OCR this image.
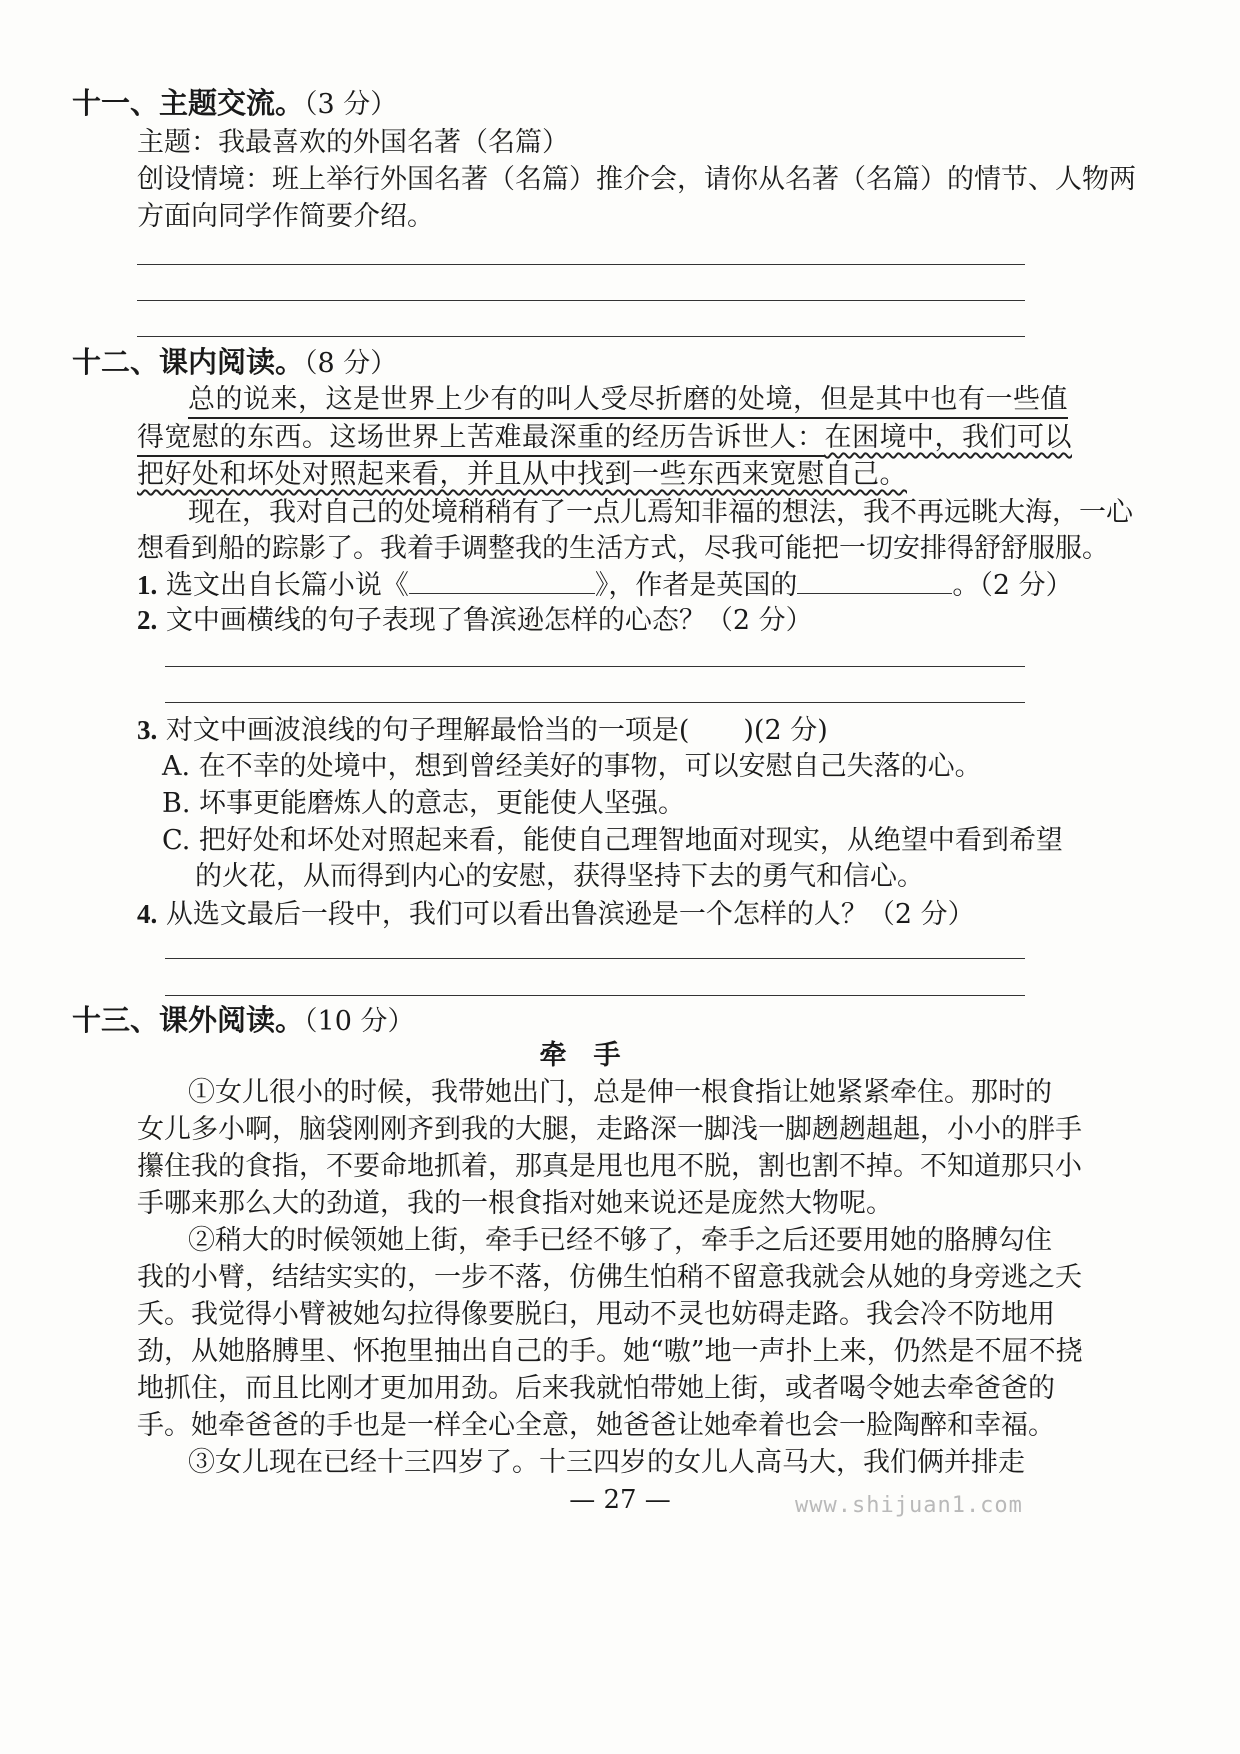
十一、主题交流。（3 分）
主题：我最喜欢的外国名著（名篇）
创设情境：班上举行外国名著（名篇）推介会，请你从名著（名篇）的情节、人物两
方面向同学作简要介绍。
十二、课内阅读。（8 分）
总的说来，这是世界上少有的叫人受尽折磨的处境，但是其中也有一些值
得宽慰的东西。这场世界上苦难最深重的经历告诉世人：在困境中，我们可以
把好处和坏处对照起来看，并且从中找到一些东西来宽慰自己。
现在，我对自己的处境稍稍有了一点儿焉知非福的想法，我不再远眺大海，一心
想看到船的踪影了。我着手调整我的生活方式，尽我可能把一切安排得舒舒服服。
1. 选文出自长篇小说《	》，作者是英国的	。（2 分）
2. 文中画横线的句子表现了鲁滨逊怎样的心态？（2 分）
3. 对文中画波浪线的句子理解最恰当的一项是(　　)(2 分)
A. 在不幸的处境中，想到曾经美好的事物，可以安慰自己失落的心。
B. 坏事更能磨炼人的意志，更能使人坚强。
C. 把好处和坏处对照起来看，能使自己理智地面对现实，从绝望中看到希望
的火花，从而得到内心的安慰，获得坚持下去的勇气和信心。
4. 从选文最后一段中，我们可以看出鲁滨逊是一个怎样的人？（2 分）
十三、课外阅读。（10 分）
牵　手
①女儿很小的时候，我带她出门，总是伸一根食指让她紧紧牵住。那时的
女儿多小啊，脑袋刚刚齐到我的大腿，走路深一脚浅一脚趔趔趄趄，小小的胖手
攥住我的食指，不要命地抓着，那真是甩也甩不脱，割也割不掉。不知道那只小
手哪来那么大的劲道，我的一根食指对她来说还是庞然大物呢。
②稍大的时候领她上街，牵手已经不够了，牵手之后还要用她的胳膊勾住
我的小臂，结结实实的，一步不落，仿佛生怕稍不留意我就会从她的身旁逃之夭
夭。我觉得小臂被她勾拉得像要脱臼，甩动不灵也妨碍走路。我会冷不防地用
劲，从她胳膊里、怀抱里抽出自己的手。她“嗷”地一声扑上来，仍然是不屈不挠
地抓住，而且比刚才更加用劲。后来我就怕带她上街，或者喝令她去牵爸爸的
手。她牵爸爸的手也是一样全心全意，她爸爸让她牵着也会一脸陶醉和幸福。
③女儿现在已经十三四岁了。十三四岁的女儿人高马大，我们俩并排走
— 27 —	www.shijuan1.com
